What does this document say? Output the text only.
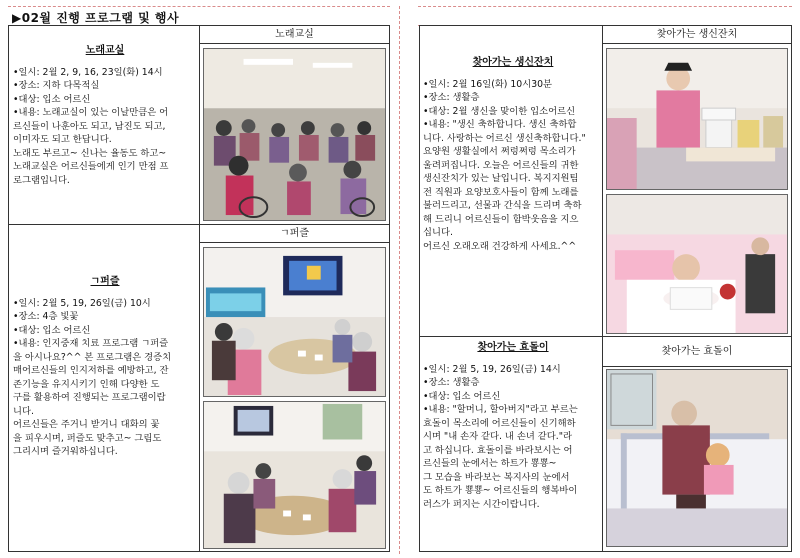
▶02월 진행 프로그램 및 행사
노래교실

•일시: 2월 2, 9, 16, 23일(화) 14시

•장소: 지하 다목적실

•대상: 입소 어르신

•내용: 노래교실이 있는 이날만큼은 어

르신들이 나훈아도 되고, 남진도 되고,

이미자도 되고 한답니다.

노래도 부르고~ 신나는 율동도 하고~

노래교실은 어르신들에게 인기 만점 프

로그램입니다.

노래교실
ㄱ퍼즐

•일시: 2월 5, 19, 26일(금) 10시

•장소: 4층 빛꽃

•대상: 입소 어르신

•내용: 인지중재 치료 프로그램 ㄱ퍼즐

을 아시나요?^^ 본 프로그램은 경증치

매어르신들의 인지저하를 예방하고, 잔

존기능을 유지시키기 인해 다양한 도

구를 활용하여 진행되는 프로그램이랍

니다.

어르신들은 주거니 받거니 대화의 꽃

을 피우시며, 퍼즐도 맞추고~ 그림도

그리시며 즐거워하십니다.

ㄱ퍼즐
찾아가는 생신잔치

•일시: 2월 16일(화) 10시30분

•장소: 생활층

•대상: 2월 생신을 맞이한 입소어르신

•내용: "생신 축하합니다. 생신 축하합

니다. 사랑하는 어르신 생신축하합니다."

요양원 생활실에서 쩌렁쩌렁 목소리가

울려퍼집니다. 오늘은 어르신들의 귀한

생신잔치가 있는 날입니다. 복지지원팀

전 직원과 요양보호사들이 함께 노래를

불러드리고, 선물과 간식을 드리며 축하

해 드리니 어르신들이 함박웃음을 지으

십니다.

어르신 오래오래 건강하게 사세요.^^

찾아가는 생신잔치
찾아가는 효돌이

•일시: 2월 5, 19, 26일(금) 14시

•장소: 생활층

•대상: 입소 어르신

•내용: "할머니, 할아버지"라고 부르는

효돌이 목소리에 어르신들이 신기해하

시며 "내 손자 같다. 내 손녀 같다."라

고 하십니다. 효돌이를 바라보시는 어

르신들의 눈에서는 하트가 뿅뿅~

그 모습을 바라보는 복지사의 눈에서

도 하트가 뿅뿅~ 어르신들의 행복바이

러스가 퍼지는 시간이랍니다.

찾아가는 효돌이
